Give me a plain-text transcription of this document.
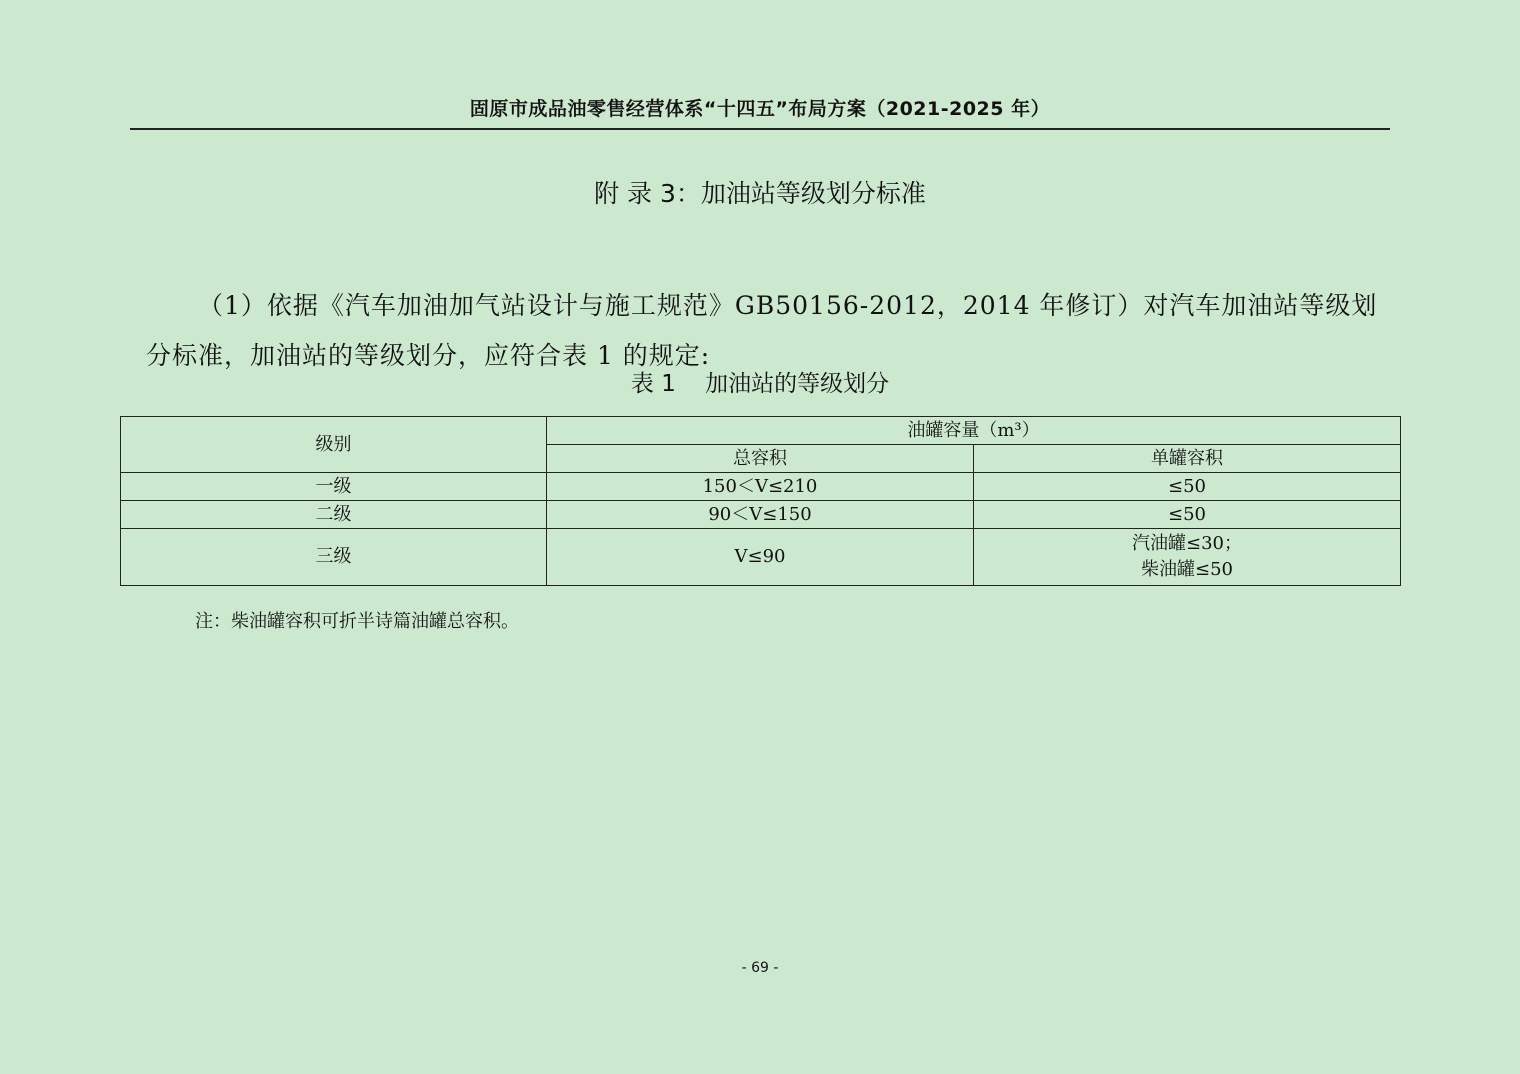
固原市成品油零售经营体系“十四五”布局方案（2021-2025 年）
附 录 3：加油站等级划分标准

（1）依据《汽车加油加气站设计与施工规范》GB50156-2012，2014 年修订）对汽车加油站等级划分标准，加油站的等级划分，应符合表 1 的规定:

表 1    加油站的等级划分
级别	油罐容量（m³）	
	总容积	单罐容积
一级	150＜V≤210	≤50
二级	90＜V≤150	≤50
三级	V≤90	汽油罐≤30；
柴油罐≤50
注：柴油罐容积可折半诗篇油罐总容积。
- 69 -
